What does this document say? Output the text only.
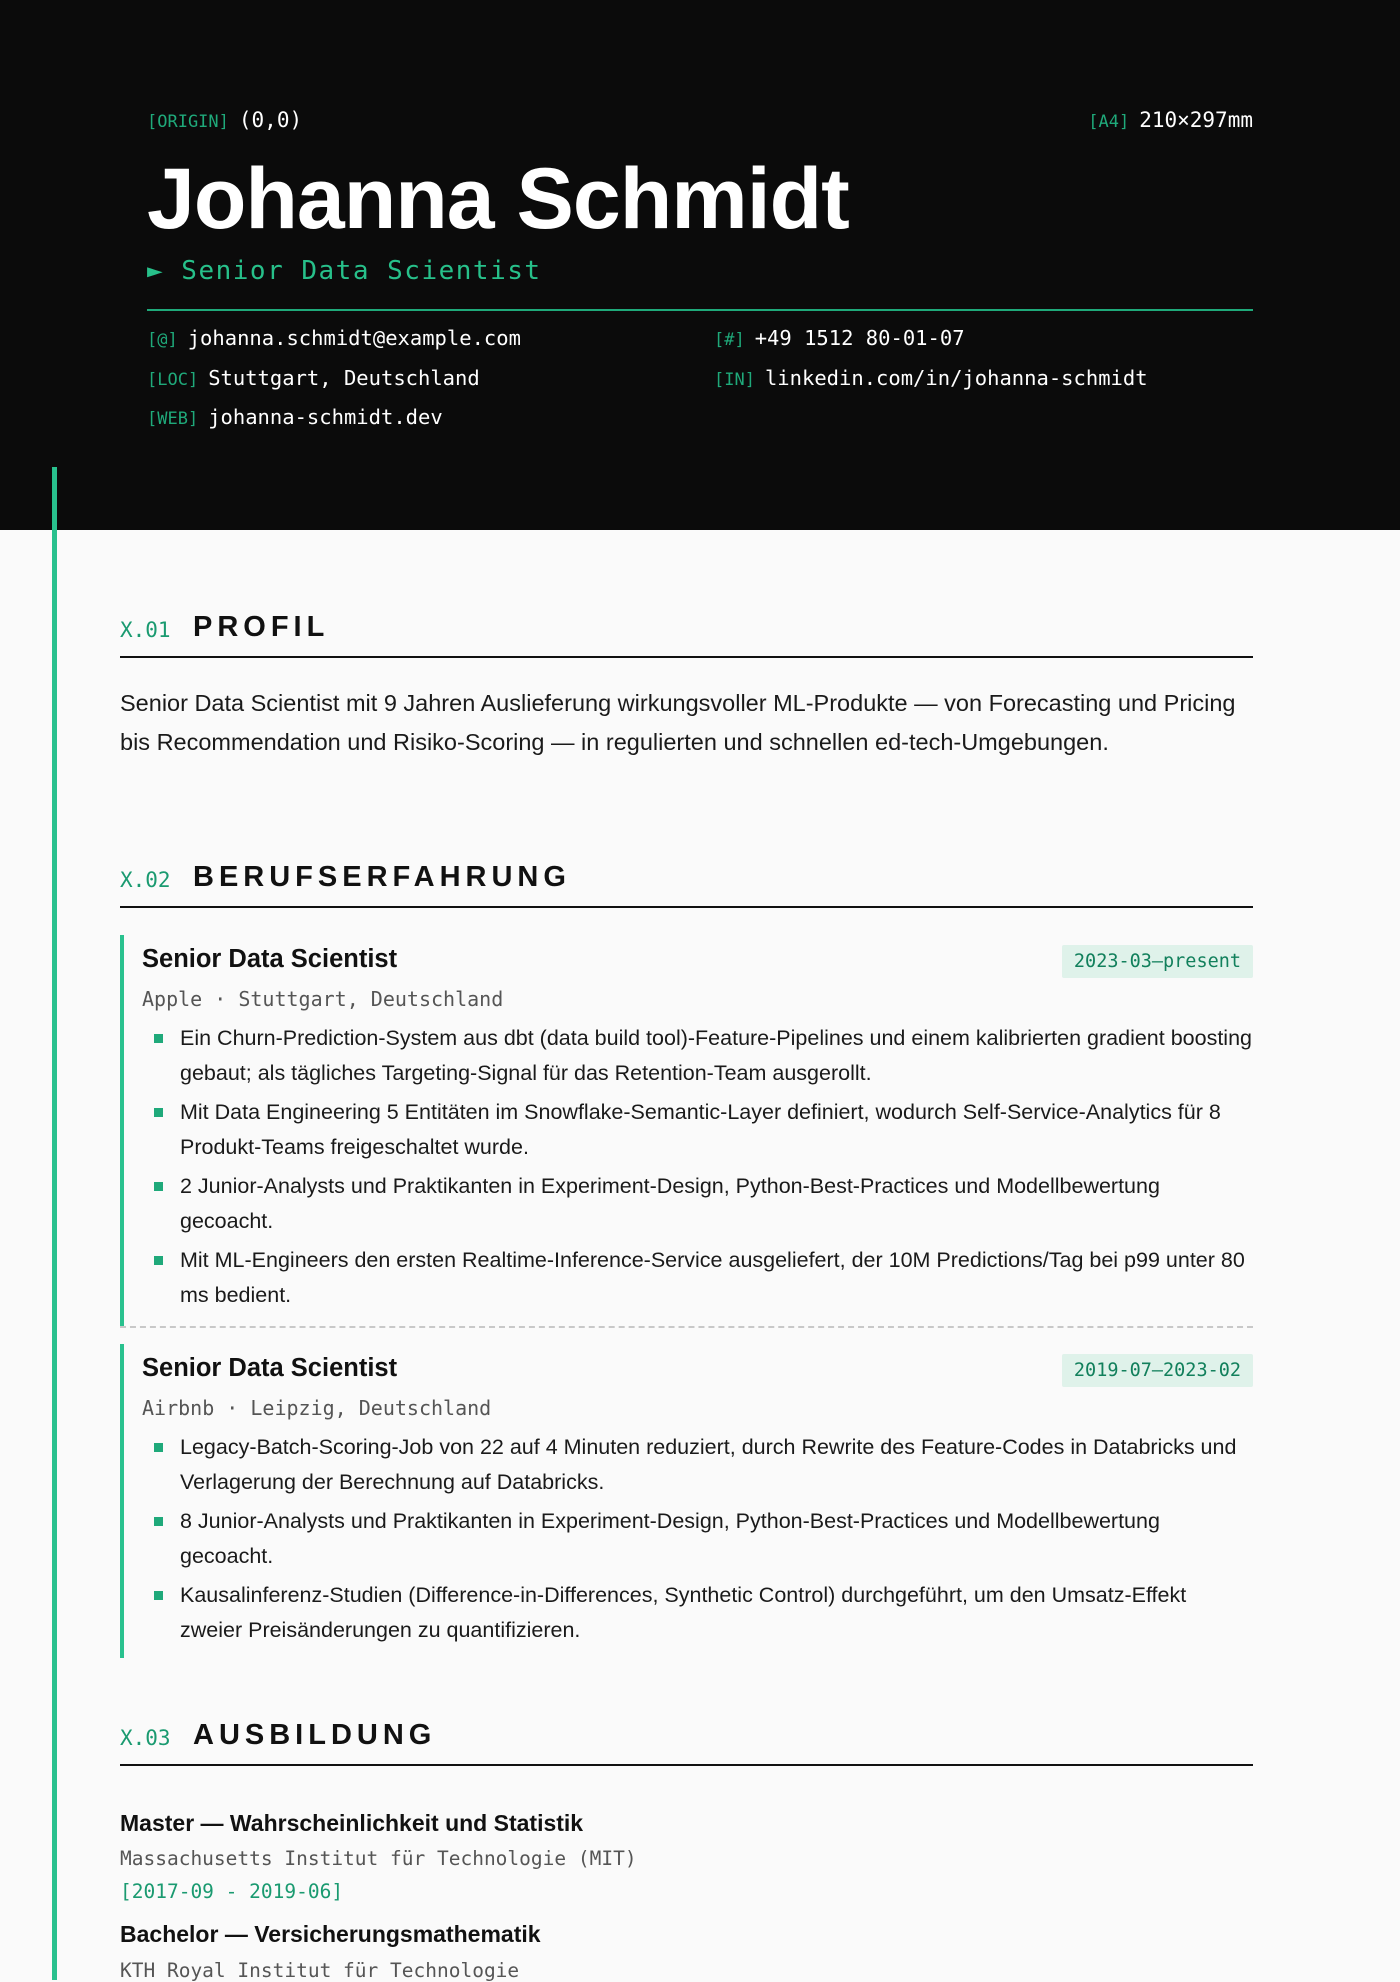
[ORIGIN] (0,0)	[A4] 210×297mm
Johanna Schmidt
► Senior Data Scientist
[@] johanna.schmidt@example.com	[#] +49 1512 80-01-07
[LOC] Stuttgart, Deutschland	[IN] linkedin.com/in/johanna-schmidt
[WEB] johanna-schmidt.dev
X.01 PROFIL

Senior Data Scientist mit 9 Jahren Auslieferung wirkungsvoller ML-Produkte — von Forecasting und Pricing bis Recommendation und Risiko-Scoring — in regulierten und schnellen ed-tech-Umgebungen.

X.02 BERUFSERFAHRUNG
Senior Data Scientist	2023-03—present
Apple · Stuttgart, Deutschland
Ein Churn-Prediction-System aus dbt (data build tool)-Feature-Pipelines und einem kalibrierten gradient boosting gebaut; als tägliches Targeting-Signal für das Retention-Team ausgerollt.
Mit Data Engineering 5 Entitäten im Snowflake-Semantic-Layer definiert, wodurch Self-Service-Analytics für 8 Produkt-Teams freigeschaltet wurde.
2 Junior-Analysts und Praktikanten in Experiment-Design, Python-Best-Practices und Modellbewertung gecoacht.
Mit ML-Engineers den ersten Realtime-Inference-Service ausgeliefert, der 10M Predictions/Tag bei p99 unter 80 ms bedient.
Senior Data Scientist	2019-07—2023-02
Airbnb · Leipzig, Deutschland
Legacy-Batch-Scoring-Job von 22 auf 4 Minuten reduziert, durch Rewrite des Feature-Codes in Databricks und Verlagerung der Berechnung auf Databricks.
8 Junior-Analysts und Praktikanten in Experiment-Design, Python-Best-Practices und Modellbewertung gecoacht.
Kausalinferenz-Studien (Difference-in-Differences, Synthetic Control) durchgeführt, um den Umsatz-Effekt zweier Preisänderungen zu quantifizieren.
X.03 AUSBILDUNG
Master — Wahrscheinlichkeit und Statistik
Massachusetts Institut für Technologie (MIT)
[2017-09 - 2019-06]
Bachelor — Versicherungsmathematik
KTH Royal Institut für Technologie
